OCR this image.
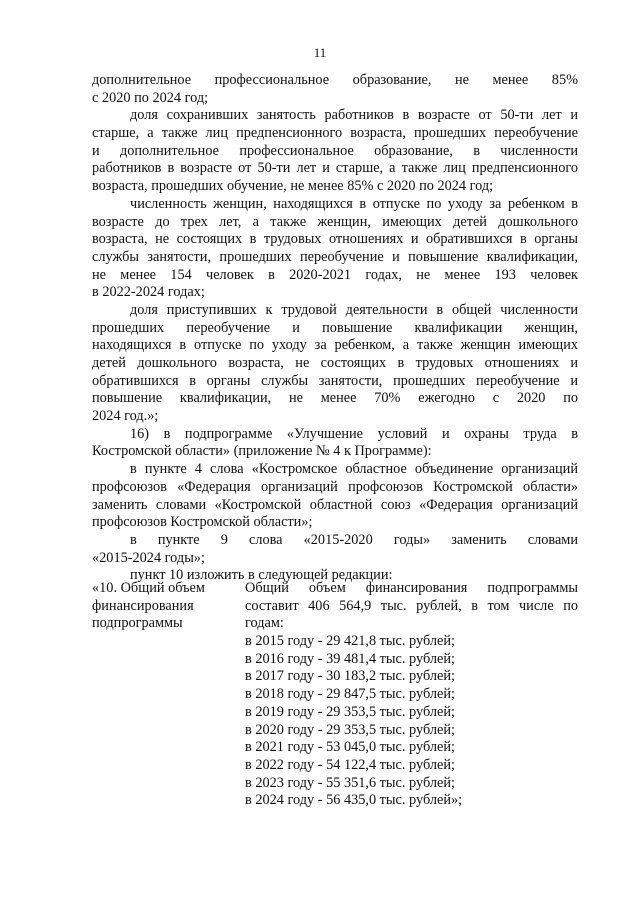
11
дополнительное профессиональное образование, не менее 85%
с 2020 по 2024 год;
доля сохранивших занятость работников в возрасте от 50-ти лет и
старше, а также лиц предпенсионного возраста, прошедших переобучение
и дополнительное профессиональное образование, в численности
работников в возрасте от 50-ти лет и старше, а также лиц предпенсионного
возраста, прошедших обучение, не менее 85% с 2020 по 2024 год;
численность женщин, находящихся в отпуске по уходу за ребенком в
возрасте до трех лет, а также женщин, имеющих детей дошкольного
возраста, не состоящих в трудовых отношениях и обратившихся в органы
службы занятости, прошедших переобучение и повышение квалификации,
не менее 154 человек в 2020-2021 годах, не менее 193 человек
в 2022-2024 годах;
доля приступивших к трудовой деятельности в общей численности
прошедших переобучение и повышение квалификации женщин,
находящихся в отпуске по уходу за ребенком, а также женщин имеющих
детей дошкольного возраста, не состоящих в трудовых отношениях и
обратившихся в органы службы занятости, прошедших переобучение и
повышение квалификации, не менее 70% ежегодно с 2020 по
2024 год.»;
16) в подпрограмме «Улучшение условий и охраны труда в
Костромской области» (приложение № 4 к Программе):
в пункте 4 слова «Костромское областное объединение организаций
профсоюзов «Федерация организаций профсоюзов Костромской области»
заменить словами «Костромской областной союз «Федерация организаций
профсоюзов Костромской области»;
в пункте 9 слова «2015-2020 годы» заменить словами
«2015-2024 годы»;
пункт 10 изложить в следующей редакции:
«10. Общий объем
финансирования
подпрограммы
Общий объем финансирования подпрограммы
составит 406 564,9 тыс. рублей, в том числе по
годам:
в 2015 году - 29 421,8 тыс. рублей;
в 2016 году - 39 481,4 тыс. рублей;
в 2017 году - 30 183,2 тыс. рублей;
в 2018 году - 29 847,5 тыс. рублей;
в 2019 году - 29 353,5 тыс. рублей;
в 2020 году - 29 353,5 тыс. рублей;
в 2021 году - 53 045,0 тыс. рублей;
в 2022 году - 54 122,4 тыс. рублей;
в 2023 году - 55 351,6 тыс. рублей;
в 2024 году - 56 435,0 тыс. рублей»;
